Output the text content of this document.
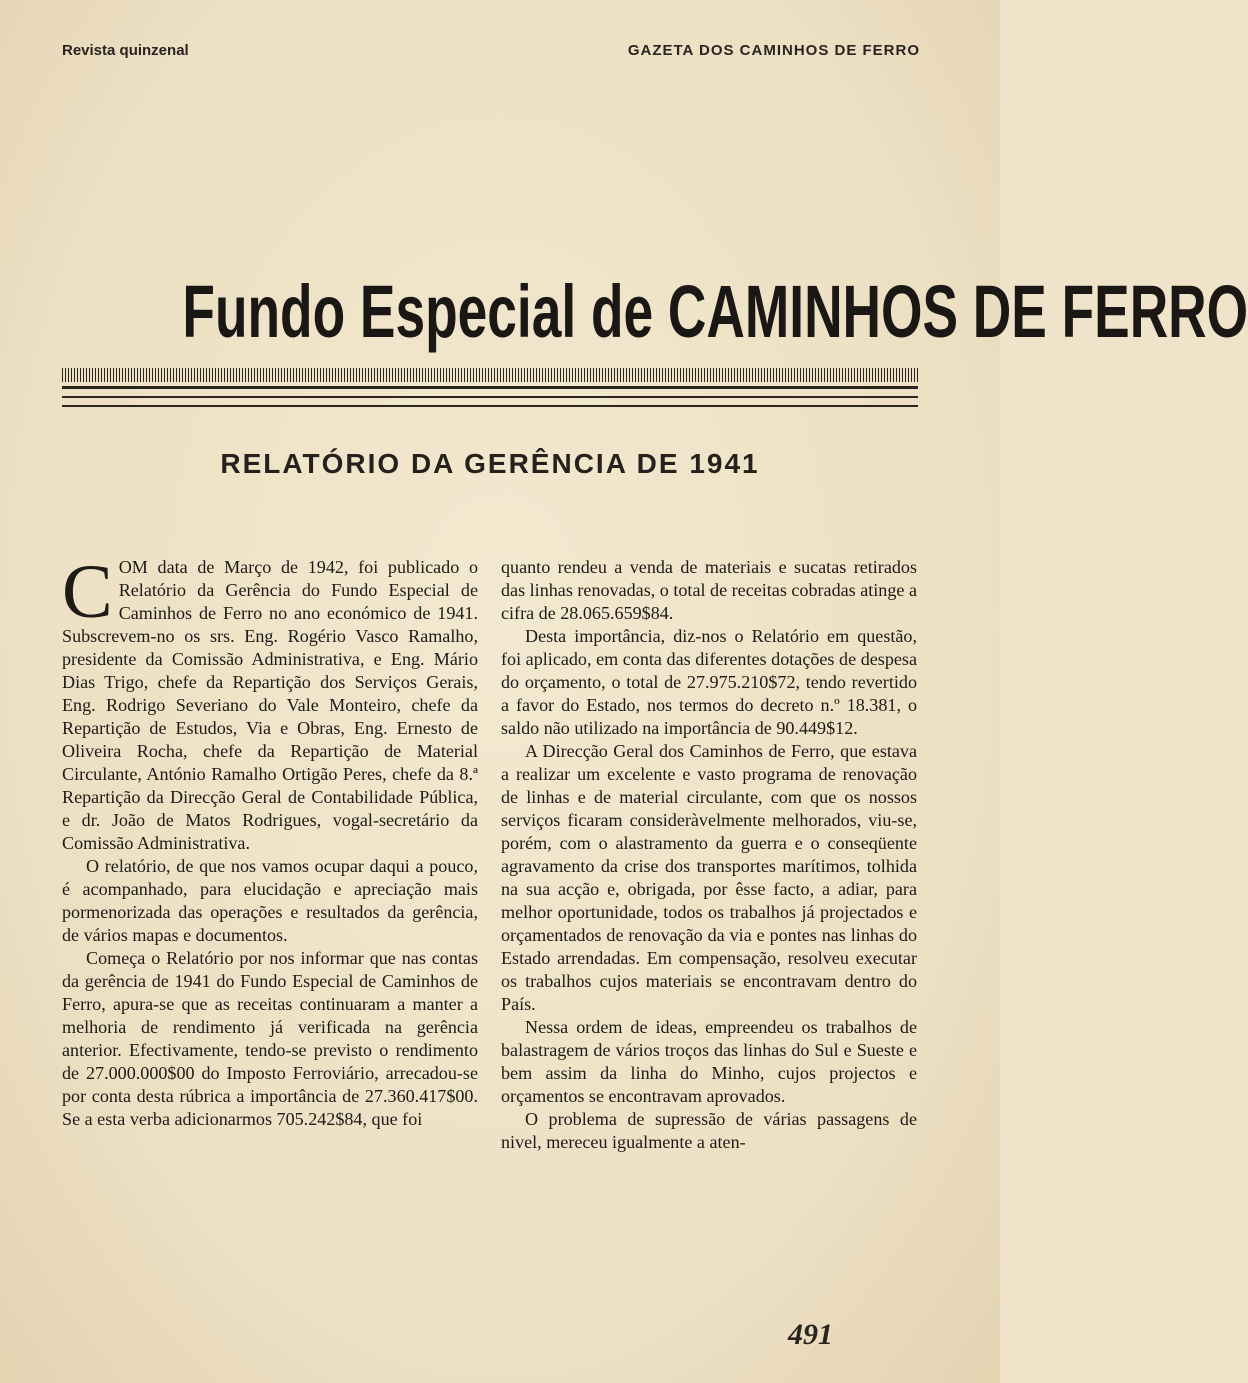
Revista quinzenal	GAZETA DOS CAMINHOS DE FERRO
Fundo Especial de CAMINHOS DE FERRO
RELATÓRIO DA GERÊNCIA DE 1941

COM data de Março de 1942, foi publicado o Relatório da Gerência do Fundo Especial de Caminhos de Ferro no ano económico de 1941. Subscrevem-no os srs. Eng. Rogério Vasco Ramalho, presidente da Comissão Administrativa, e Eng. Mário Dias Trigo, chefe da Repartição dos Serviços Gerais, Eng. Rodrigo Severiano do Vale Monteiro, chefe da Repartição de Estudos, Via e Obras, Eng. Ernesto de Oliveira Rocha, chefe da Repartição de Material Circulante, António Ramalho Ortigão Peres, chefe da 8.ª Repartição da Direcção Geral de Contabilidade Pública, e dr. João de Matos Rodrigues, vogal-secretário da Comissão Administrativa.

O relatório, de que nos vamos ocupar daqui a pouco, é acompanhado, para elucidação e apreciação mais pormenorizada das operações e resultados da gerência, de vários mapas e documentos.

Começa o Relatório por nos informar que nas contas da gerência de 1941 do Fundo Especial de Caminhos de Ferro, apura-se que as receitas continuaram a manter a melhoria de rendimento já verificada na gerência anterior. Efectivamente, tendo-se previsto o rendimento de 27.000.000$00 do Imposto Ferroviário, arrecadou-se por conta desta rúbrica a importância de 27.360.417$00. Se a esta verba adicionarmos 705.242$84, que foi

quanto rendeu a venda de materiais e sucatas retirados das linhas renovadas, o total de receitas cobradas atinge a cifra de 28.065.659$84.

Desta importância, diz-nos o Relatório em questão, foi aplicado, em conta das diferentes dotações de despesa do orçamento, o total de 27.975.210$72, tendo revertido a favor do Estado, nos termos do decreto n.º 18.381, o saldo não utilizado na importância de 90.449$12.

A Direcção Geral dos Caminhos de Ferro, que estava a realizar um excelente e vasto programa de renovação de linhas e de material circulante, com que os nossos serviços ficaram consideràvelmente melhorados, viu-se, porém, com o alastramento da guerra e o conseqüente agravamento da crise dos transportes marítimos, tolhida na sua acção e, obrigada, por êsse facto, a adiar, para melhor oportunidade, todos os trabalhos já projectados e orçamentados de renovação da via e pontes nas linhas do Estado arrendadas. Em compensação, resolveu executar os trabalhos cujos materiais se encontravam dentro do País.

Nessa ordem de ideas, empreendeu os trabalhos de balastragem de vários troços das linhas do Sul e Sueste e bem assim da linha do Minho, cujos projectos e orçamentos se encontravam aprovados.

O problema de supressão de várias passagens de nivel, mereceu igualmente a aten-

491
